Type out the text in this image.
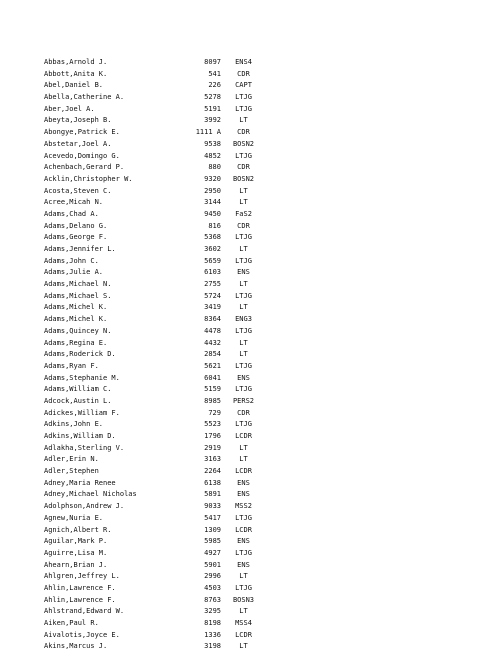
Abbas,Arnold J.	8097	ENS4
Abbott,Anita K.	541	CDR
Abel,Daniel B.	226	CAPT
Abella,Catherine A.	5278	LTJG
Aber,Joel A.	5191	LTJG
Abeyta,Joseph B.	3992	LT
Abongye,Patrick E.	1111 A	CDR
Abstetar,Joel A.	9538	BOSN2
Acevedo,Domingo G.	4852	LTJG
Achenbach,Gerard P.	880	CDR
Acklin,Christopher W.	9320	BOSN2
Acosta,Steven C.	2950	LT
Acree,Micah N.	3144	LT
Adams,Chad A.	9450	FaS2
Adams,Delano G.	816	CDR
Adams,George F.	5368	LTJG
Adams,Jennifer L.	3602	LT
Adams,John C.	5659	LTJG
Adams,Julie A.	6103	ENS
Adams,Michael N.	2755	LT
Adams,Michael S.	5724	LTJG
Adams,Michel K.	3419	LT
Adams,Michel K.	8364	ENG3
Adams,Quincey N.	4478	LTJG
Adams,Regina E.	4432	LT
Adams,Roderick D.	2854	LT
Adams,Ryan F.	5621	LTJG
Adams,Stephanie M.	6041	ENS
Adams,William C.	5159	LTJG
Adcock,Austin L.	8985	PERS2
Adickes,William F.	729	CDR
Adkins,John E.	5523	LTJG
Adkins,William D.	1796	LCDR
Adlakha,Sterling V.	2919	LT
Adler,Erin N.	3163	LT
Adler,Stephen	2264	LCDR
Adney,Maria Renee	6138	ENS
Adney,Michael Nicholas	5891	ENS
Adolphson,Andrew J.	9033	MSS2
Agnew,Nuria E.	5417	LTJG
Agnich,Albert R.	1309	LCDR
Aguilar,Mark P.	5985	ENS
Aguirre,Lisa M.	4927	LTJG
Ahearn,Brian J.	5901	ENS
Ahlgren,Jeffrey L.	2996	LT
Ahlin,Lawrence F.	4503	LTJG
Ahlin,Lawrence F.	8763	BOSN3
Ahlstrand,Edward W.	3295	LT
Aiken,Paul R.	8198	MSS4
Aivalotis,Joyce E.	1336	LCDR
Akins,Marcus J.	3198	LT
